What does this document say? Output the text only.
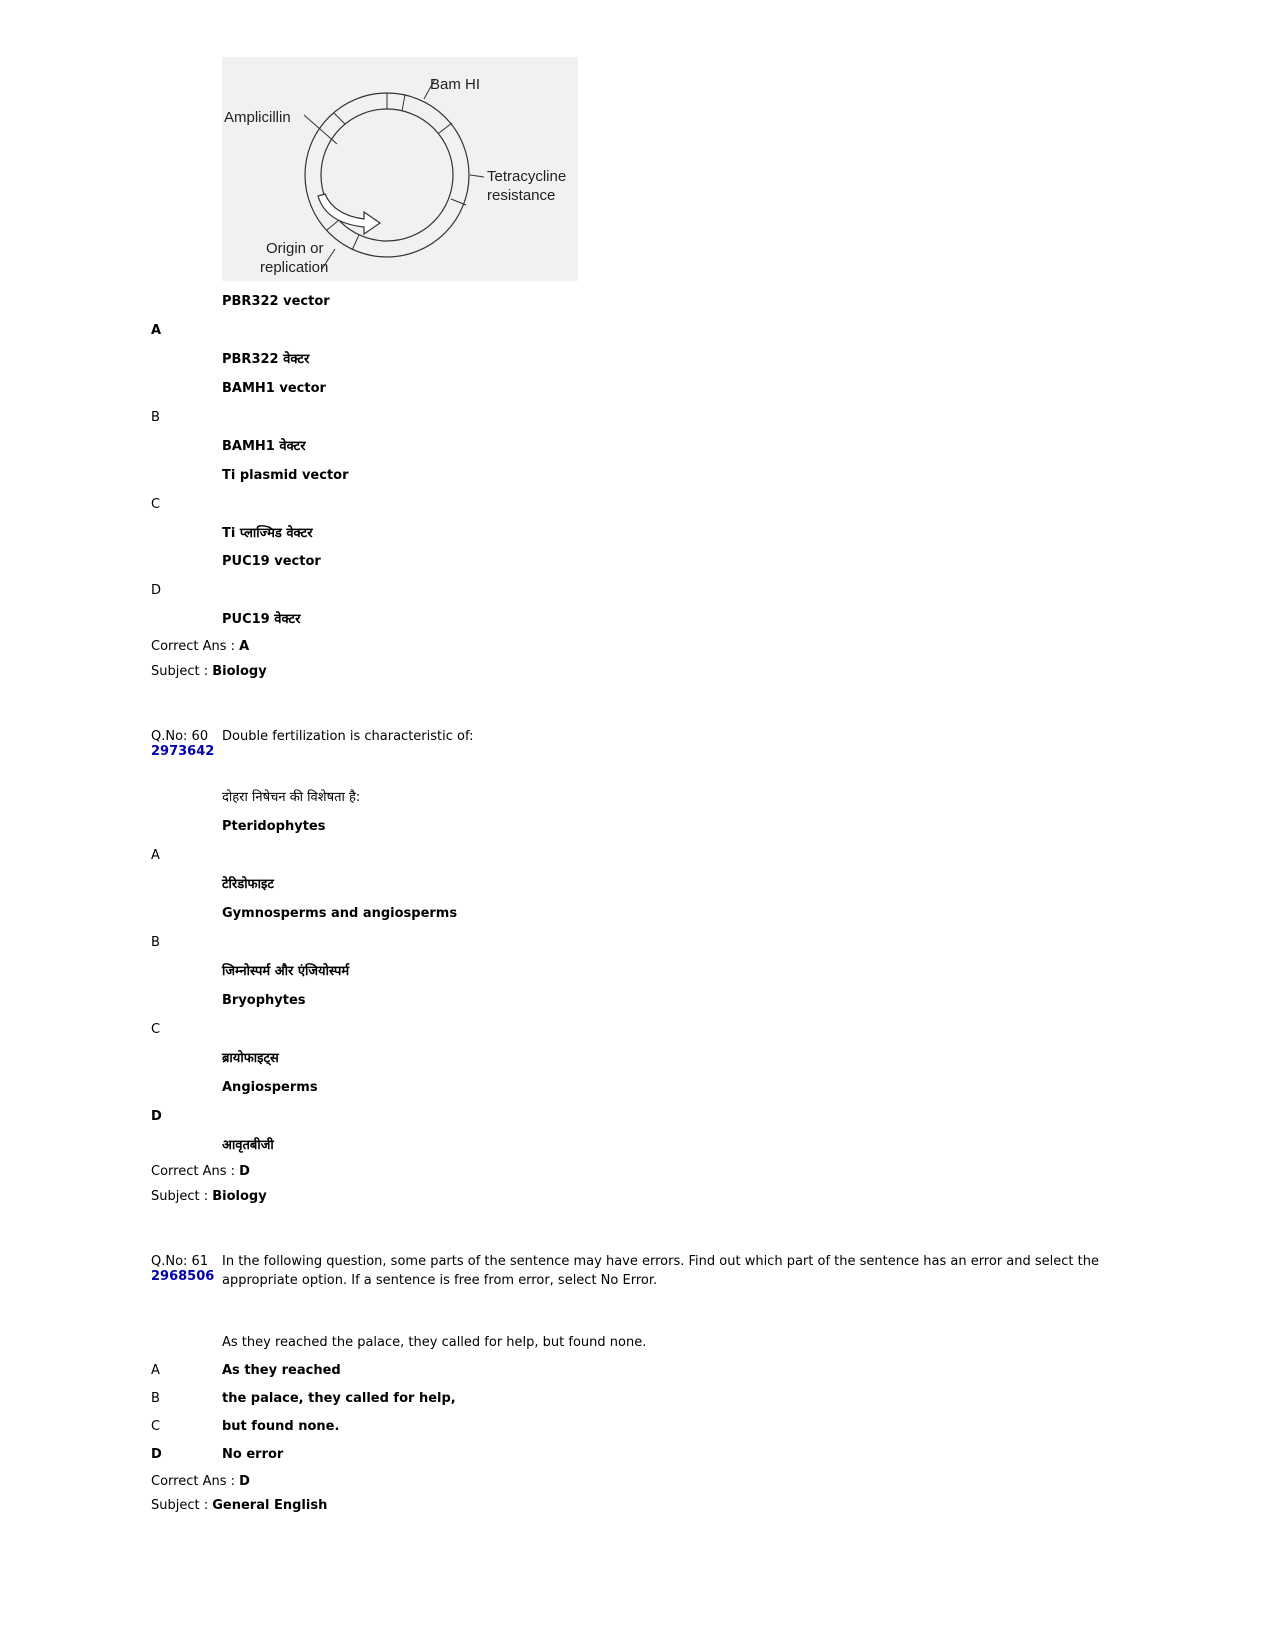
Bam HI
Amplicillin
Tetracycline
resistance
Origin or
replication
PBR322 vector
A
PBR322 वेक्टर
BAMH1 vector
B
BAMH1 वेक्टर
Ti plasmid vector
C
Ti प्लाज्मिड वेक्टर
PUC19 vector
D
PUC19 वेक्टर
Correct Ans : A
Subject : Biology
Q.No: 60
2973642
Double fertilization is characteristic of:
दोहरा निषेचन की विशेषता है:
Pteridophytes
A
टेरिडोफाइट
Gymnosperms and angiosperms
B
जिम्नोस्पर्म और एंजियोस्पर्म
Bryophytes
C
ब्रायोफाइट्स
Angiosperms
D
आवृतबीजी
Correct Ans : D
Subject : Biology
Q.No: 61
2968506
In the following question, some parts of the sentence may have errors. Find out which part of the sentence has an error and select the appropriate option. If a sentence is free from error, select No Error.
As they reached the palace, they called for help, but found none.
A	As they reached
B	the palace, they called for help,
C	but found none.
D	No error
Correct Ans : D
Subject : General English
